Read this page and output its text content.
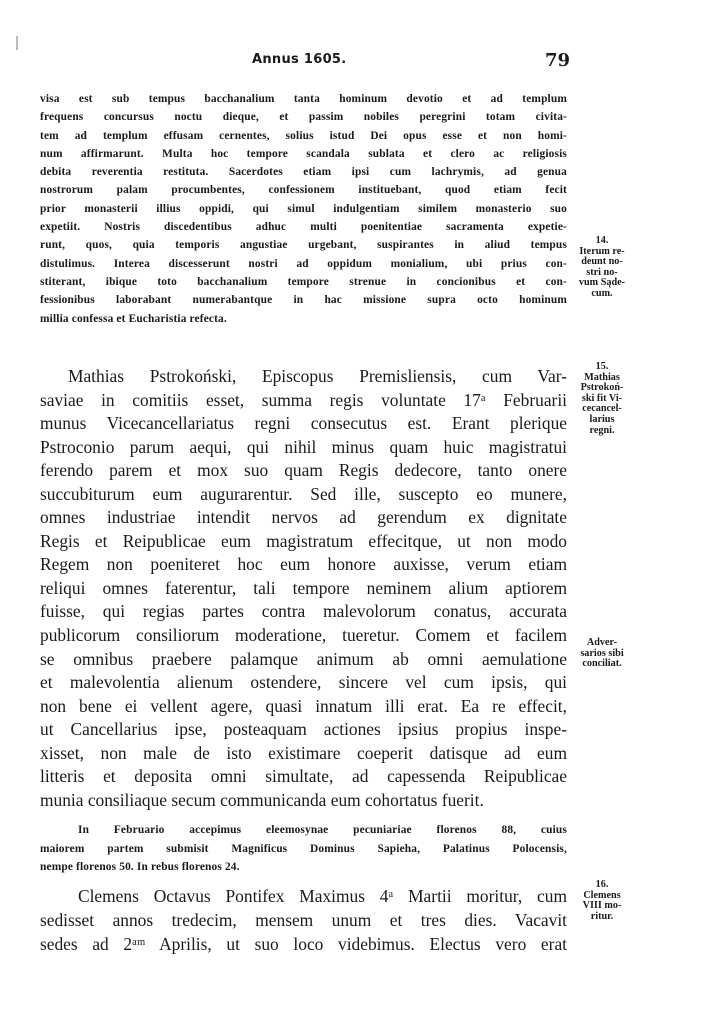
Annus 1605.	79
visa est sub tempus bacchanalium tanta hominum devotio et ad templum
frequens concursus noctu dieque, et passim nobiles peregrini totam civita-
tem ad templum effusam cernentes, solius istud Dei opus esse et non homi-
num affirmarunt. Multa hoc tempore scandala sublata et clero ac religiosis
debita reverentia restituta. Sacerdotes etiam ipsi cum lachrymis, ad genua
nostrorum palam procumbentes, confessionem instituebant, quod etiam fecit
prior monasterii illius oppidi, qui simul indulgentiam similem monasterio suo
expetiit. Nostris discedentibus adhuc multi poenitentiae sacramenta expetie-
runt, quos, quia temporis angustiae urgebant, suspirantes in aliud tempus
distulimus. Interea discesserunt nostri ad oppidum monialium, ubi prius con-
stiterant, ibique toto bacchanalium tempore strenue in concionibus et con-
fessionibus laborabant numerabantque in hac missione supra octo hominum
millia confessa et Eucharistia refecta.
Mathias Pstrokoński, Episcopus Premisliensis, cum Var-
saviae in comitiis esset, summa regis voluntate 17ᵃ Februarii
munus Vicecancellariatus regni consecutus est. Erant plerique
Pstroconio parum aequi, qui nihil minus quam huic magistratui
ferendo parem et mox suo quam Regis dedecore, tanto onere
succubiturum eum augurarentur. Sed ille, suscepto eo munere,
omnes industriae intendit nervos ad gerendum ex dignitate
Regis et Reipublicae eum magistratum effecitque, ut non modo
Regem non poeniteret hoc eum honore auxisse, verum etiam
reliqui omnes faterentur, tali tempore neminem alium aptiorem
fuisse, qui regias partes contra malevolorum conatus, accurata
publicorum consiliorum moderatione, tueretur. Comem et facilem
se omnibus praebere palamque animum ab omni aemulatione
et malevolentia alienum ostendere, sincere vel cum ipsis, qui
non bene ei vellent agere, quasi innatum illi erat. Ea re effecit,
ut Cancellarius ipse, posteaquam actiones ipsius propius inspe-
xisset, non male de isto existimare coeperit datisque ad eum
litteris et deposita omni simultate, ad capessenda Reipublicae
munia consiliaque secum communicanda eum cohortatus fuerit.
In Februario accepimus eleemosynae pecuniariae florenos 88, cuius
maiorem partem submisit Magnificus Dominus Sapieha, Palatinus Polocensis,
nempe florenos 50. In rebus florenos 24.
Clemens Octavus Pontifex Maximus 4ᵃ Martii moritur, cum
sedisset annos tredecim, mensem unum et tres dies. Vacavit
sedes ad 2ᵃᵐ Aprilis, ut suo loco videbimus. Electus vero erat
14.
Iterum re-
deunt no-
stri no-
vum Sąde-
cum.
15.
Mathias
Pstrokoń-
ski fit Vi-
cecancel-
larius
regni.
Adver-
sarios sibi
conciliat.
16.
Clemens
VIII mo-
ritur.
